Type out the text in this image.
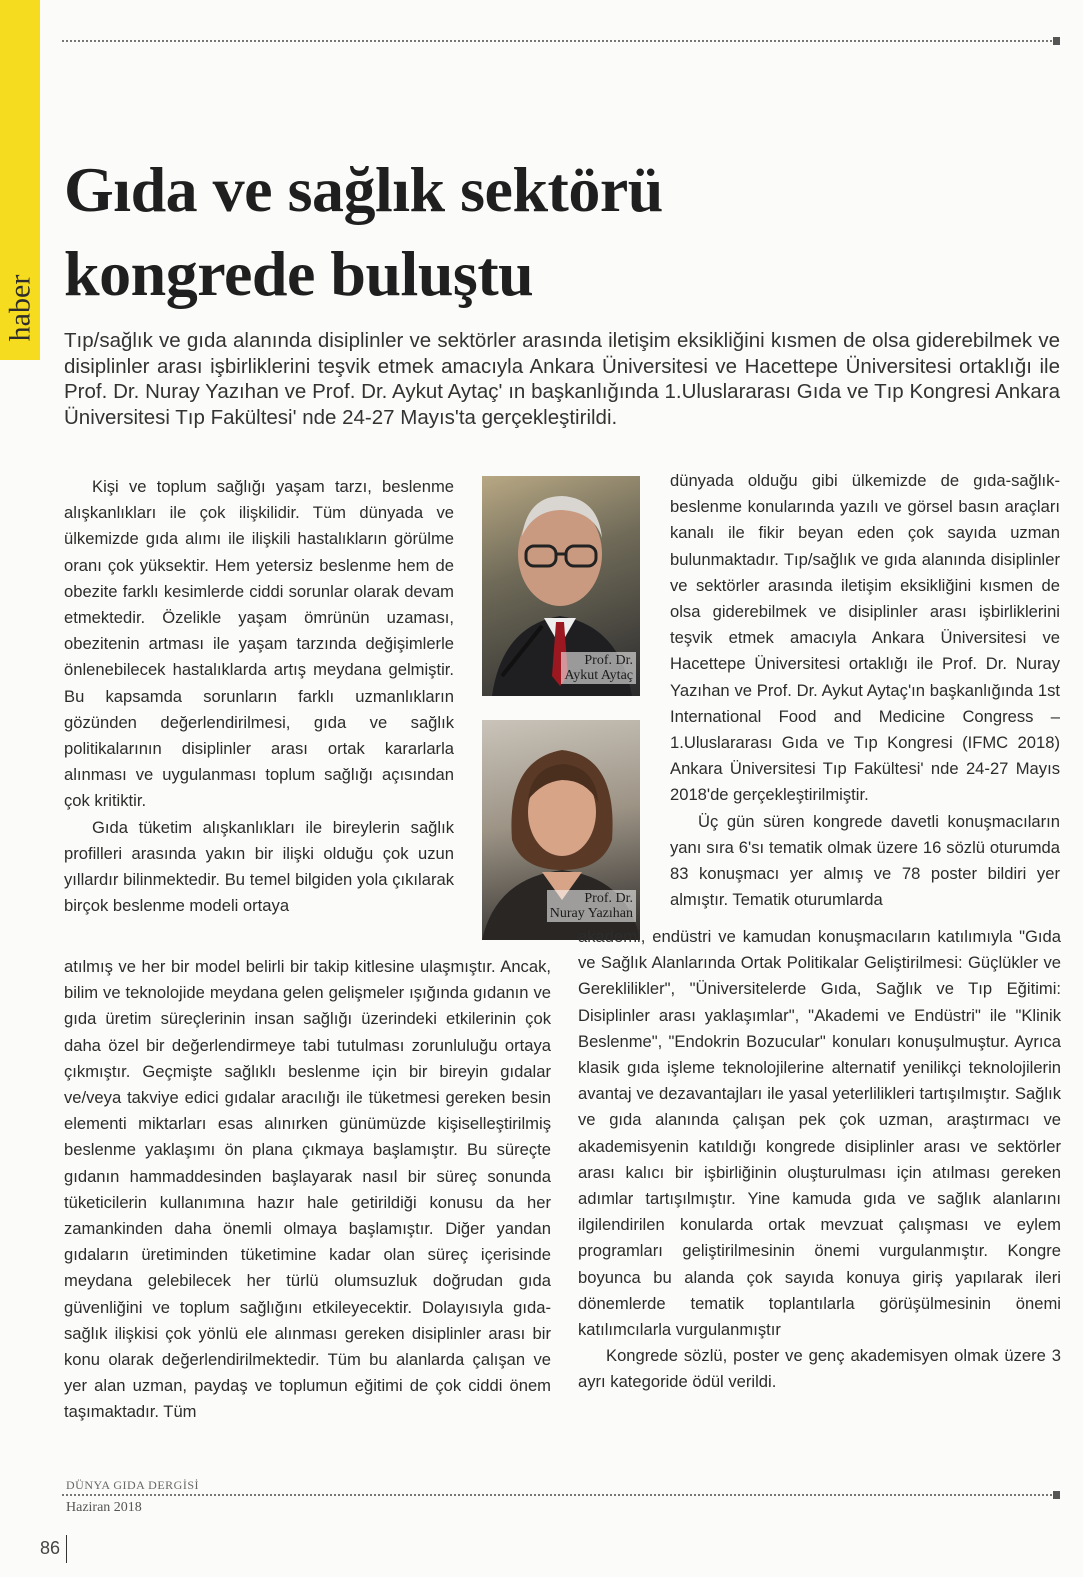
haber
Gıda ve sağlık sektörü kongrede buluştu

Tıp/sağlık ve gıda alanında disiplinler ve sektörler arasında iletişim eksikliğini kısmen de olsa giderebilmek ve disiplinler arası işbirliklerini teşvik etmek amacıyla Ankara Üniversitesi ve Hacettepe Üniversitesi ortaklığı ile Prof. Dr. Nuray Yazıhan ve Prof. Dr. Aykut Aytaç' ın başkanlığında 1.Uluslararası Gıda ve Tıp Kongresi Ankara Üniversitesi Tıp Fakültesi' nde 24-27 Mayıs'ta gerçekleştirildi.

Kişi ve toplum sağlığı yaşam tarzı, beslenme alışkanlıkları ile çok ilişkilidir. Tüm dünyada ve ülkemizde gıda alımı ile ilişkili hastalıkların görülme oranı çok yüksektir. Hem yetersiz beslenme hem de obezite farklı kesimlerde ciddi sorunlar olarak devam etmektedir. Özelikle yaşam ömrünün uzaması, obezitenin artması ile yaşam tarzında değişimlerle önlenebilecek hastalıklarda artış meydana gelmiştir. Bu kapsamda sorunların farklı uzmanlıkların gözünden değerlendirilmesi, gıda ve sağlık politikalarının disiplinler arası ortak kararlarla alınması ve uygulanması toplum sağlığı açısından çok kritiktir.

Gıda tüketim alışkanlıkları ile bireylerin sağlık profilleri arasında yakın bir ilişki olduğu çok uzun yıllardır bilinmektedir. Bu temel bilgiden yola çıkılarak birçok beslenme modeli ortaya

Prof. Dr.
Aykut Aytaç
Prof. Dr.
Nuray Yazıhan

atılmış ve her bir model belirli bir takip kitlesine ulaşmıştır. Ancak, bilim ve teknolojide meydana gelen gelişmeler ışığında gıdanın ve gıda üretim süreçlerinin insan sağlığı üzerindeki etkilerinin çok daha özel bir değerlendirmeye tabi tutulması zorunluluğu ortaya çıkmıştır. Geçmişte sağlıklı beslenme için bir bireyin gıdalar ve/veya takviye edici gıdalar aracılığı ile tüketmesi gereken besin elementi miktarları esas alınırken günümüzde kişiselleştirilmiş beslenme yaklaşımı ön plana çıkmaya başlamıştır. Bu süreçte gıdanın hammaddesinden başlayarak nasıl bir süreç sonunda tüketicilerin kullanımına hazır hale getirildiği konusu da her zamankinden daha önemli olmaya başlamıştır. Diğer yandan gıdaların üretiminden tüketimine kadar olan süreç içerisinde meydana gelebilecek her türlü olumsuzluk doğrudan gıda güvenliğini ve toplum sağlığını etkileyecektir. Dolayısıyla gıda-sağlık ilişkisi çok yönlü ele alınması gereken disiplinler arası bir konu olarak değerlendirilmektedir. Tüm bu alanlarda çalışan ve yer alan uzman, paydaş ve toplumun eğitimi de çok ciddi önem taşımaktadır. Tüm

dünyada olduğu gibi ülkemizde de gıda-sağlık-beslenme konularında yazılı ve görsel basın araçları kanalı ile fikir beyan eden çok sayıda uzman bulunmaktadır. Tıp/sağlık ve gıda alanında disiplinler ve sektörler arasında iletişim eksikliğini kısmen de olsa giderebilmek ve disiplinler arası işbirliklerini teşvik etmek amacıyla Ankara Üniversitesi ve Hacettepe Üniversitesi ortaklığı ile Prof. Dr. Nuray Yazıhan ve Prof. Dr. Aykut Aytaç'ın başkanlığında 1st International Food and Medicine Congress – 1.Uluslararası Gıda ve Tıp Kongresi (IFMC 2018) Ankara Üniversitesi Tıp Fakültesi' nde 24-27 Mayıs 2018'de gerçekleştirilmiştir.

Üç gün süren kongrede davetli konuşmacıların yanı sıra 6'sı tematik olmak üzere 16 sözlü oturumda 83 konuşmacı yer almış ve 78 poster bildiri yer almıştır. Tematik oturumlarda

akademi, endüstri ve kamudan konuşmacıların katılımıyla "Gıda ve Sağlık Alanlarında Ortak Politikalar Geliştirilmesi: Güçlükler ve Gereklilikler", "Üniversitelerde Gıda, Sağlık ve Tıp Eğitimi: Disiplinler arası yaklaşımlar", "Akademi ve Endüstri" ile "Klinik Beslenme", "Endokrin Bozucular" konuları konuşulmuştur. Ayrıca klasik gıda işleme teknolojilerine alternatif yenilikçi teknolojilerin avantaj ve dezavantajları ile yasal yeterlilikleri tartışılmıştır. Sağlık ve gıda alanında çalışan pek çok uzman, araştırmacı ve akademisyenin katıldığı kongrede disiplinler arası ve sektörler arası kalıcı bir işbirliğinin oluşturulması için atılması gereken adımlar tartışılmıştır. Yine kamuda gıda ve sağlık alanlarını ilgilendirilen konularda ortak mevzuat çalışması ve eylem programları geliştirilmesinin önemi vurgulanmıştır. Kongre boyunca bu alanda çok sayıda konuya giriş yapılarak ileri dönemlerde tematik toplantılarla görüşülmesinin önemi katılımcılarla vurgulanmıştır

Kongrede sözlü, poster ve genç akademisyen olmak üzere 3 ayrı kategoride ödül verildi.

DÜNYA GIDA DERGİSİ
Haziran 2018
86
